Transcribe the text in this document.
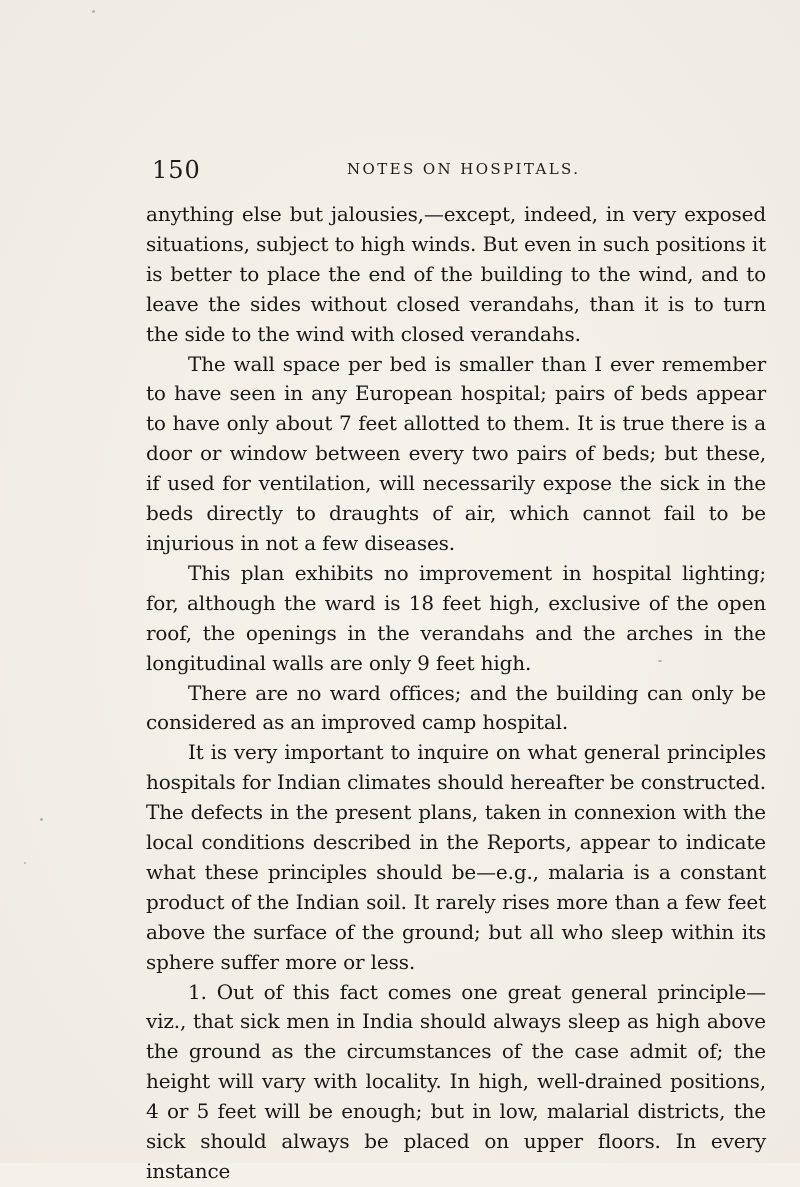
150	NOTES ON HOSPITALS.

anything else but jalousies,—except, indeed, in very exposed situations, subject to high winds. But even in such positions it is better to place the end of the building to the wind, and to leave the sides without closed verandahs, than it is to turn the side to the wind with closed verandahs.

The wall space per bed is smaller than I ever remember to have seen in any European hospital; pairs of beds appear to have only about 7 feet allotted to them. It is true there is a door or window between every two pairs of beds; but these, if used for ventilation, will necessarily expose the sick in the beds directly to draughts of air, which cannot fail to be injurious in not a few diseases.

This plan exhibits no improvement in hospital lighting; for, although the ward is 18 feet high, exclusive of the open roof, the openings in the verandahs and the arches in the longitudinal walls are only 9 feet high.

There are no ward offices; and the building can only be considered as an improved camp hospital.

It is very important to inquire on what general principles hospitals for Indian climates should hereafter be constructed. The defects in the present plans, taken in connexion with the local conditions described in the Reports, appear to indicate what these principles should be—e.g., malaria is a constant product of the Indian soil. It rarely rises more than a few feet above the surface of the ground; but all who sleep within its sphere suffer more or less.

1. Out of this fact comes one great general principle—viz., that sick men in India should always sleep as high above the ground as the circumstances of the case admit of; the height will vary with locality. In high, well-drained positions, 4 or 5 feet will be enough; but in low, malarial districts, the sick should always be placed on upper floors. In every instance
